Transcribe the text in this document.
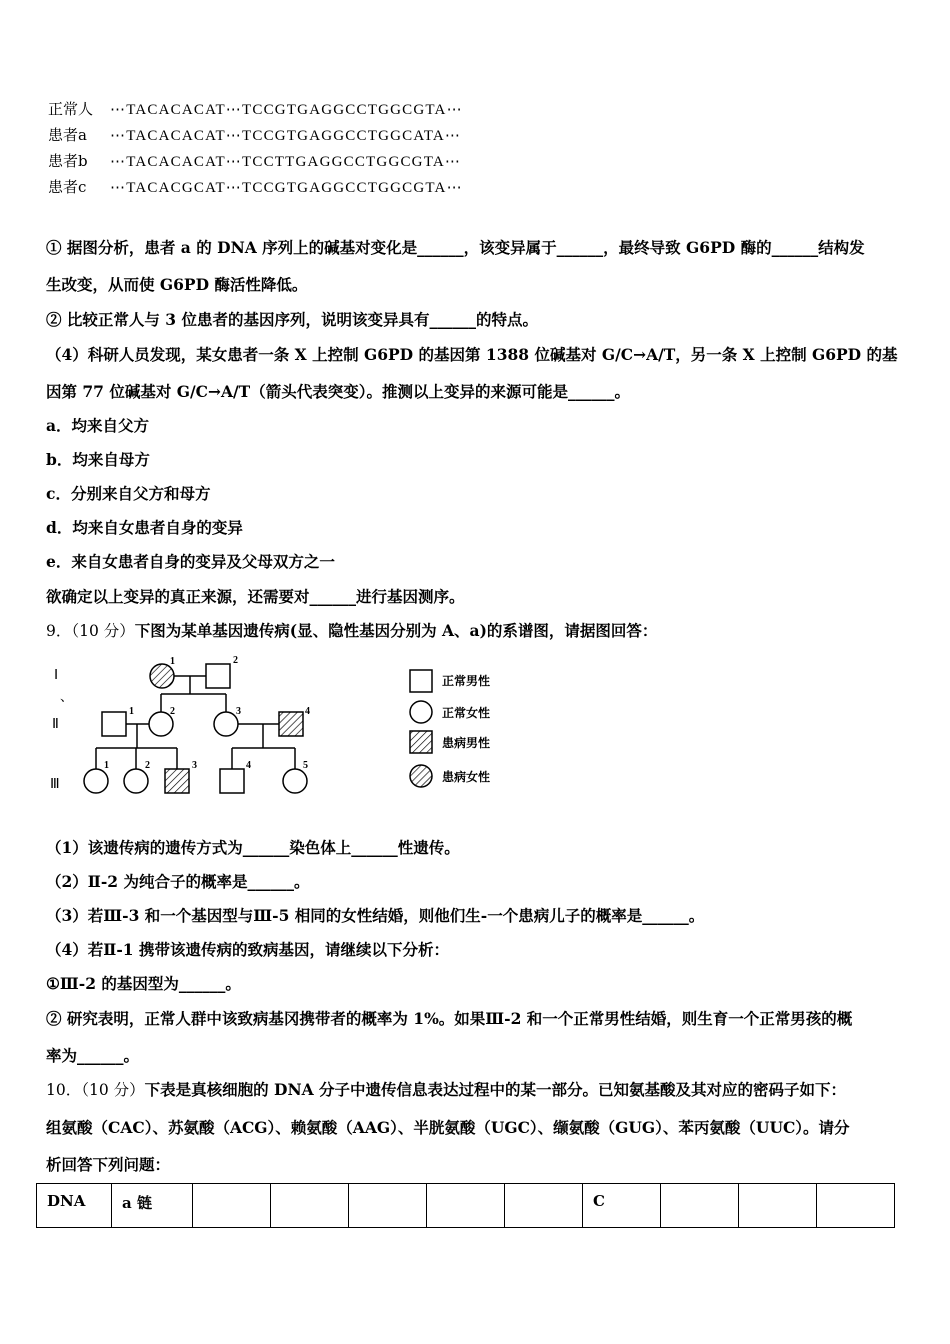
正常人 ⋯TACACACAT⋯TCCGTGAGGCCTGGCGTA⋯
患者a ⋯TACACACAT⋯TCCGTGAGGCCTGGCATA⋯
患者b ⋯TACACACAT⋯TCCTTGAGGCCTGGCGTA⋯
患者c ⋯TACACGCAT⋯TCCGTGAGGCCTGGCGTA⋯
① 据图分析，患者 a 的 DNA 序列上的碱基对变化是______，该变异属于______，最终导致 G6PD 酶的______结构发
生改变，从而使 G6PD 酶活性降低。
② 比较正常人与 3 位患者的基因序列，说明该变异具有______的特点。
（4）科研人员发现，某女患者一条 X 上控制 G6PD 的基因第 1388 位碱基对 G/C→A/T，另一条 X 上控制 G6PD 的基
因第 77 位碱基对 G/C→A/T（箭头代表突变）。推测以上变异的来源可能是______。
a．均来自父方
b．均来自母方
c．分别来自父方和母方
d．均来自女患者自身的变异
e．来自女患者自身的变异及父母双方之一
欲确定以上变异的真正来源，还需要对______进行基因测序。
9．（10 分）下图为某单基因遗传病(显、隐性基因分别为 A、a)的系谱图，请据图回答：
Ⅰ
、
Ⅱ
Ⅲ
1	2
1	2	3	4
1	2	3	4	5
正常男性
正常女性
患病男性
患病女性
（1）该遗传病的遗传方式为______染色体上______性遗传。
（2）Ⅱ-2 为纯合子的概率是______。
（3）若Ⅲ-3 和一个基因型与Ⅲ-5 相同的女性结婚，则他们生-一个患病儿子的概率是______。
（4）若Ⅱ-1 携带该遗传病的致病基因，请继续以下分析：
①Ⅲ-2 的基因型为______。
② 研究表明，正常人群中该致病基冈携带者的概率为 1%。如果Ⅲ-2 和一个正常男性结婚，则生育一个正常男孩的概
率为______。
10．（10 分）下表是真核细胞的 DNA 分子中遗传信息表达过程中的某一部分。已知氨基酸及其对应的密码子如下：
组氨酸（CAC）、苏氨酸（ACG）、赖氨酸（AAG）、半胱氨酸（UGC）、缬氨酸（GUG）、苯丙氨酸（UUC）。请分
析回答下列问题：
DNA	a 链						C			
